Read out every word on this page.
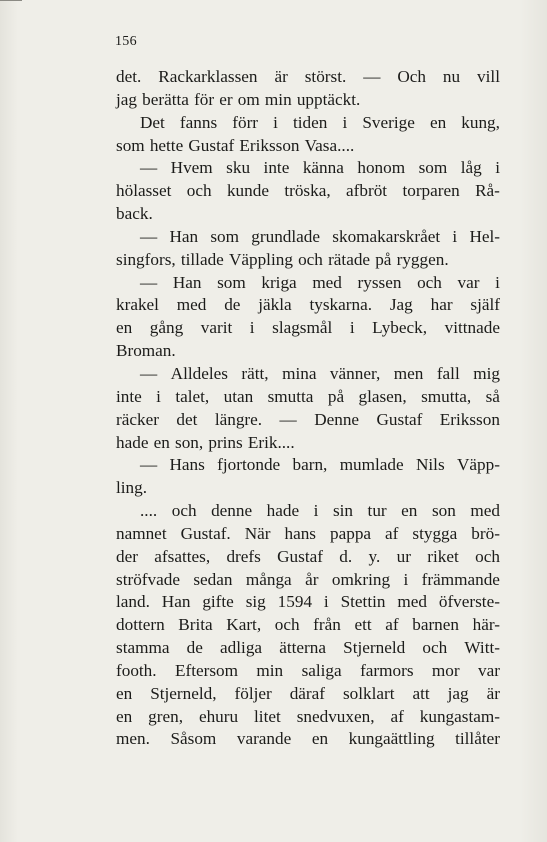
156
det. Rackarklassen är störst. — Och nu vill
jag berätta för er om min upptäckt.
Det fanns förr i tiden i Sverige en kung,
som hette Gustaf Eriksson Vasa....
— Hvem sku inte känna honom som låg i
hölasset och kunde tröska, afbröt torparen Rå-
back.
— Han som grundlade skomakarskrået i Hel-
singfors, tillade Väppling och rätade på ryggen.
— Han som kriga med ryssen och var i
krakel med de jäkla tyskarna. Jag har själf
en gång varit i slagsmål i Lybeck, vittnade
Broman.
— Alldeles rätt, mina vänner, men fall mig
inte i talet, utan smutta på glasen, smutta, så
räcker det längre. — Denne Gustaf Eriksson
hade en son, prins Erik....
— Hans fjortonde barn, mumlade Nils Väpp-
ling.
.... och denne hade i sin tur en son med
namnet Gustaf. När hans pappa af stygga brö-
der afsattes, drefs Gustaf d. y. ur riket och
ströfvade sedan många år omkring i främmande
land. Han gifte sig 1594 i Stettin med öfverste-
dottern Brita Kart, och från ett af barnen här-
stamma de adliga ätterna Stjerneld och Witt-
footh. Eftersom min saliga farmors mor var
en Stjerneld, följer däraf solklart att jag är
en gren, ehuru litet snedvuxen, af kungastam-
men. Såsom varande en kungaättling tillåter
